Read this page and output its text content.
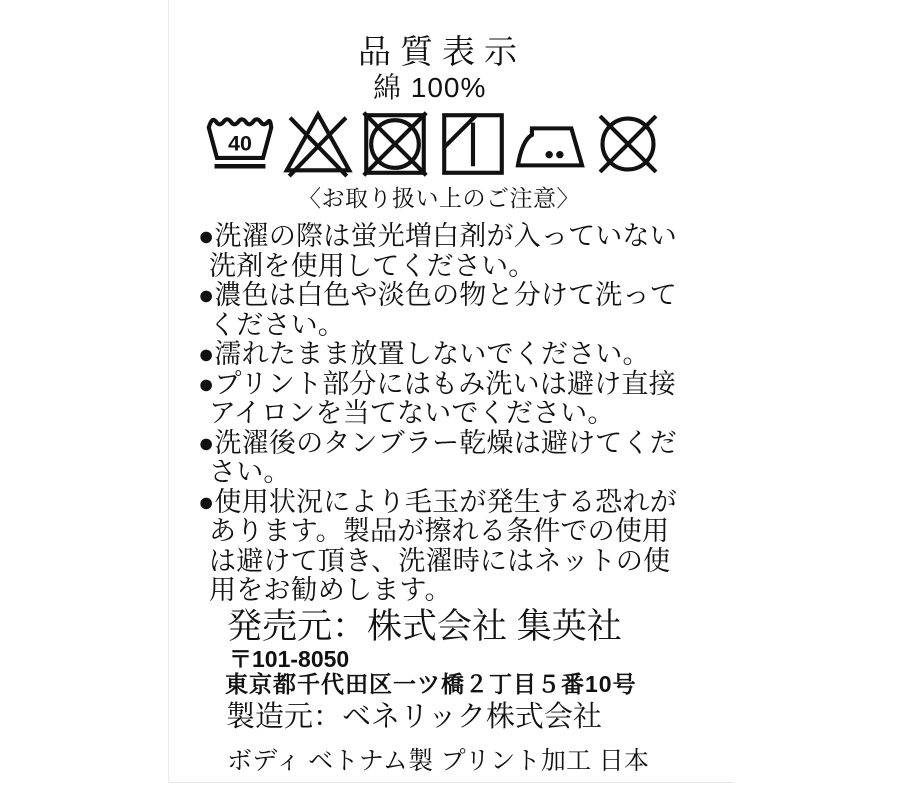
品質表示
綿 100%
40
〈お取り扱い上のご注意〉
●洗濯の際は蛍光増白剤が入っていない
洗剤を使用してください。
●濃色は白色や淡色の物と分けて洗って
ください。
●濡れたまま放置しないでください。
●プリント部分にはもみ洗いは避け直接
アイロンを当てないでください。
●洗濯後のタンブラー乾燥は避けてくだ
さい。
●使用状況により毛玉が発生する恐れが
あります。製品が擦れる条件での使用
は避けて頂き、洗濯時にはネットの使
用をお勧めします。
発売元：株式会社 集英社
〒101-8050
東京都千代田区一ツ橋２丁目５番10号
製造元：ベネリック株式会社
ボディ ベトナム製 プリント加工 日本
